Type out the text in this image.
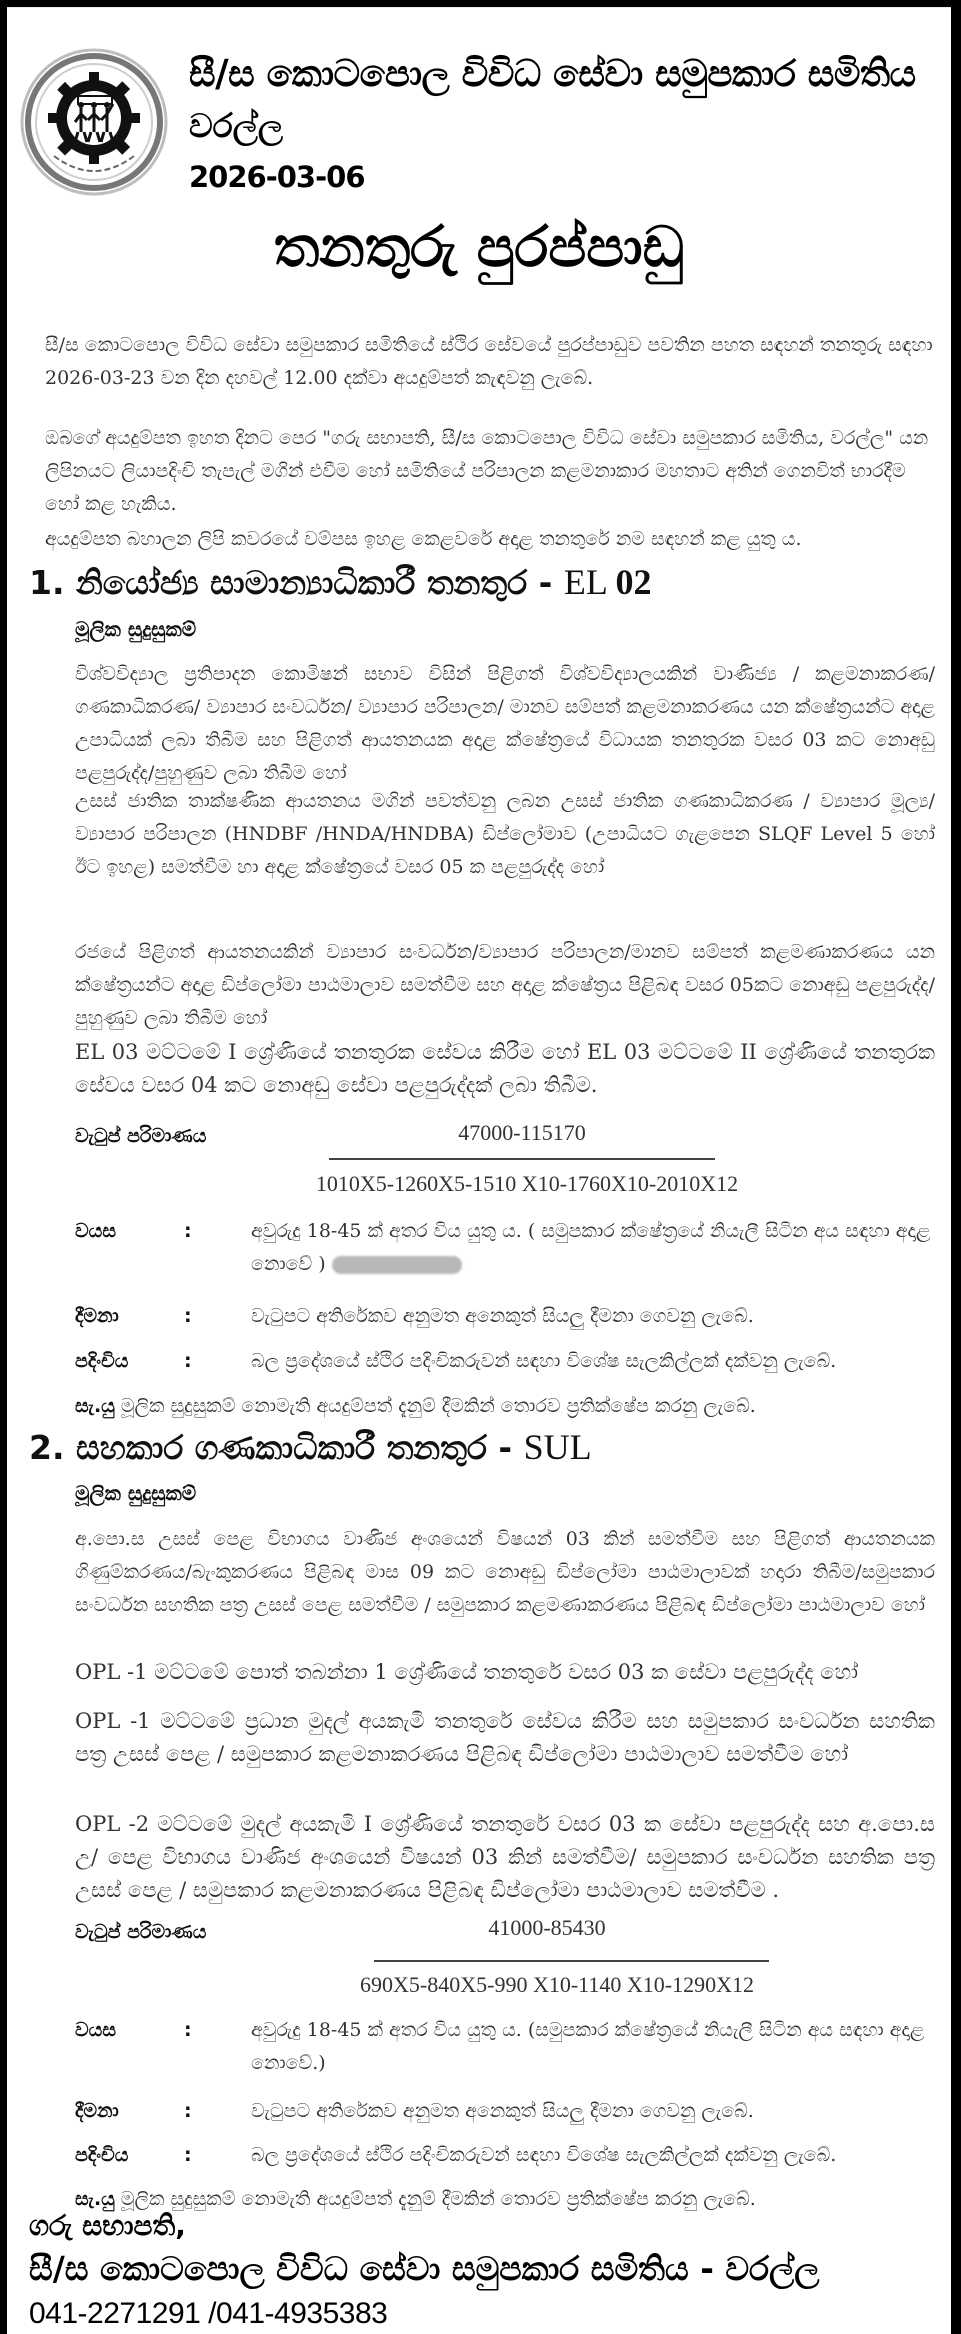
සී/ස කොටපොල විවිධ සේවා සමුපකාර සමිතිය
වරල්ල
2026-03-06
තනතුරු පුරප්පාඩු
සී/ස කොටපොල විවිධ සේවා සමුපකාර සමිතියේ ස්ථිර සේවයේ පුරප්පාඩුව පවතින පහත සඳහන් තනතුරු සඳහා 2026-03-23 වන දින දහවල් 12.00 දක්වා අයදුම්පත් කැඳවනු ලැබේ.
ඔබගේ අයදුම්පත ඉහත දිනට පෙර "ගරු සභාපති, සී/ස කොටපොල විවිධ සේවා සමුපකාර සමිතිය, වරල්ල" යන ලිපිනයට ලියාපදිංචි තැපැල් මගින් එවීම හෝ සමිතියේ පරිපාලන කළමනාකාර මහතාට අතින් ගෙනවිත් භාරදීම හෝ කළ හැකිය.
අයදුම්පත බහාලන ලිපි කවරයේ වම්පස ඉහළ කෙළවරේ අදාළ තනතුරේ නම සඳහන් කළ යුතු ය.
1. නියෝජ්‍ය සාමාන්‍යාධිකාරී තනතුර - EL 02
මූලික සුදුසුකම්
විශ්වවිද්‍යාල ප්‍රතිපාදන කොමිෂන් සභාව විසින් පිළිගත් විශ්වවිද්‍යාලයකින් වාණිජ්‍ය / කළමනාකරණ/ ගණකාධිකරණ/ ව්‍යාපාර සංවර්ධන/ ව්‍යාපාර පරිපාලන/ මානව සම්පත් කළමනාකරණය යන ක්ෂේත්‍රයන්ට අදාළ උපාධියක් ලබා තිබීම සහ පිළිගත් ආයතනයක අදාළ ක්ෂේත්‍රයේ විධායක තනතුරක වසර 03 කට නොඅඩු පළපුරුද්ද/පුහුණුව ලබා තිබීම හෝ
උසස් ජාතික තාක්ෂණික ආයතනය මගින් පවත්වනු ලබන උසස් ජාතික ගණකාධිකරණ / ව්‍යාපාර මූල්‍ය/ව්‍යාපාර පරිපාලන (HNDBF /HNDA/HNDBA) ඩිප්ලෝමාව (උපාධියට ගැළපෙන SLQF Level 5 හෝ ඊට ඉහළ) සමත්වීම හා අදාළ ක්ෂේත්‍රයේ වසර 05 ක පළපුරුද්ද හෝ
රජයේ පිළිගත් ආයතනයකින් ව්‍යාපාර සංවර්ධන/ව්‍යාපාර පරිපාලන/මානව සම්පත් කළමණාකරණය යන ක්ෂේත්‍රයන්ට අදාළ ඩිප්ලෝමා පාඨමාලාව සමත්වීම සහ අදාළ ක්ෂේත්‍රය පිළිබඳ වසර 05කට නොඅඩු පළපුරුද්ද/පුහුණුව ලබා තිබීම හෝ
EL 03 මට්ටමේ I ශ්‍රේණියේ තනතුරක සේවය කිරීම හෝ EL 03 මට්ටමේ II ශ්‍රේණියේ තනතුරක සේවය වසර 04 කට නොඅඩු සේවා පළපුරුද්දක් ලබා තිබීම.
වැටුප් පරිමාණය	47000-115170
1010X5-1260X5-1510 X10-1760X10-2010X12
වයස	:	අවුරුදු 18-45 ක් අතර විය යුතු ය. ( සමුපකාර ක්ෂේත්‍රයේ නියැලී සිටින අය සඳහා අදාළ නොවේ )
දීමනා	:	වැටුපට අතිරේකව අනුමත අනෙකුත් සියලු දීමනා ගෙවනු ලැබේ.
පදිංචිය	:	බල ප්‍රදේශයේ ස්ථිර පදිංචිකරුවන් සඳහා විශේෂ සැලකිල්ලක් දක්වනු ලැබේ.
සැ.යු මූලික සුදුසුකම් නොමැති අයදුම්පත් දැනුම් දීමකින් තොරව ප්‍රතික්ෂේප කරනු ලැබේ.
2. සහකාර ගණකාධිකාරී තනතුර - SUL
මූලික සුදුසුකම්
අ.පො.ස උසස් පෙළ විභාගය වාණිජ අංශයෙන් විෂයන් 03 කින් සමත්වීම සහ පිළිගත් ආයතනයක ගිණුම්කරණය/බැංකුකරණය පිළිබඳ මාස 09 කට නොඅඩු ඩිප්ලෝමා පාඨමාලාවක් හදාරා තිබීම/සමුපකාර සංවර්ධන සහතික පත්‍ර උසස් පෙළ සමත්වීම / සමුපකාර කළමණාකරණය පිළිබඳ ඩිප්ලෝමා පාඨමාලාව හෝ
OPL -1 මට්ටමේ පොත් තබන්නා 1 ශ්‍රේණියේ තනතුරේ වසර 03 ක සේවා පළපුරුද්ද හෝ
OPL -1 මට්ටමේ ප්‍රධාන මුදල් අයකැමි තනතුරේ සේවය කිරීම සහ සමුපකාර සංවර්ධන සහතික පත්‍ර උසස් පෙළ / සමුපකාර කළමනාකරණය පිළිබඳ ඩිප්ලෝමා පාඨමාලාව සමත්වීම හෝ
OPL -2 මට්ටමේ මුදල් අයකැමි I ශ්‍රේණියේ තනතුරේ වසර 03 ක සේවා පළපුරුද්ද සහ අ.පො.ස උ/ පෙළ විභාගය වාණිජ අංශයෙන් විෂයන් 03 කින් සමත්වීම/ සමුපකාර සංවර්ධන සහතික පත්‍ර උසස් පෙළ / සමුපකාර කළමනාකරණය පිළිබඳ ඩිප්ලෝමා පාඨමාලාව සමත්වීම .
වැටුප් පරිමාණය	41000-85430
690X5-840X5-990 X10-1140 X10-1290X12
වයස	:	අවුරුදු 18-45 ක් අතර විය යුතු ය. (සමුපකාර ක්ෂේත්‍රයේ නියැලී සිටින අය සඳහා අදාළ නොවේ.)
දීමනා	:	වැටුපට අතිරේකව අනුමත අනෙකුත් සියලු දීමනා ගෙවනු ලැබේ.
පදිංචිය	:	බල ප්‍රදේශයේ ස්ථිර පදිංචිකරුවන් සඳහා විශේෂ සැලකිල්ලක් දක්වනු ලැබේ.
සැ.යු මූලික සුදුසුකම් නොමැති අයදුම්පත් දැනුම් දීමකින් තොරව ප්‍රතික්ෂේප කරනු ලැබේ.
ගරු සභාපති,
සී/ස කොටපොල විවිධ සේවා සමුපකාර සමිතිය - වරල්ල
041-2271291 /041-4935383
